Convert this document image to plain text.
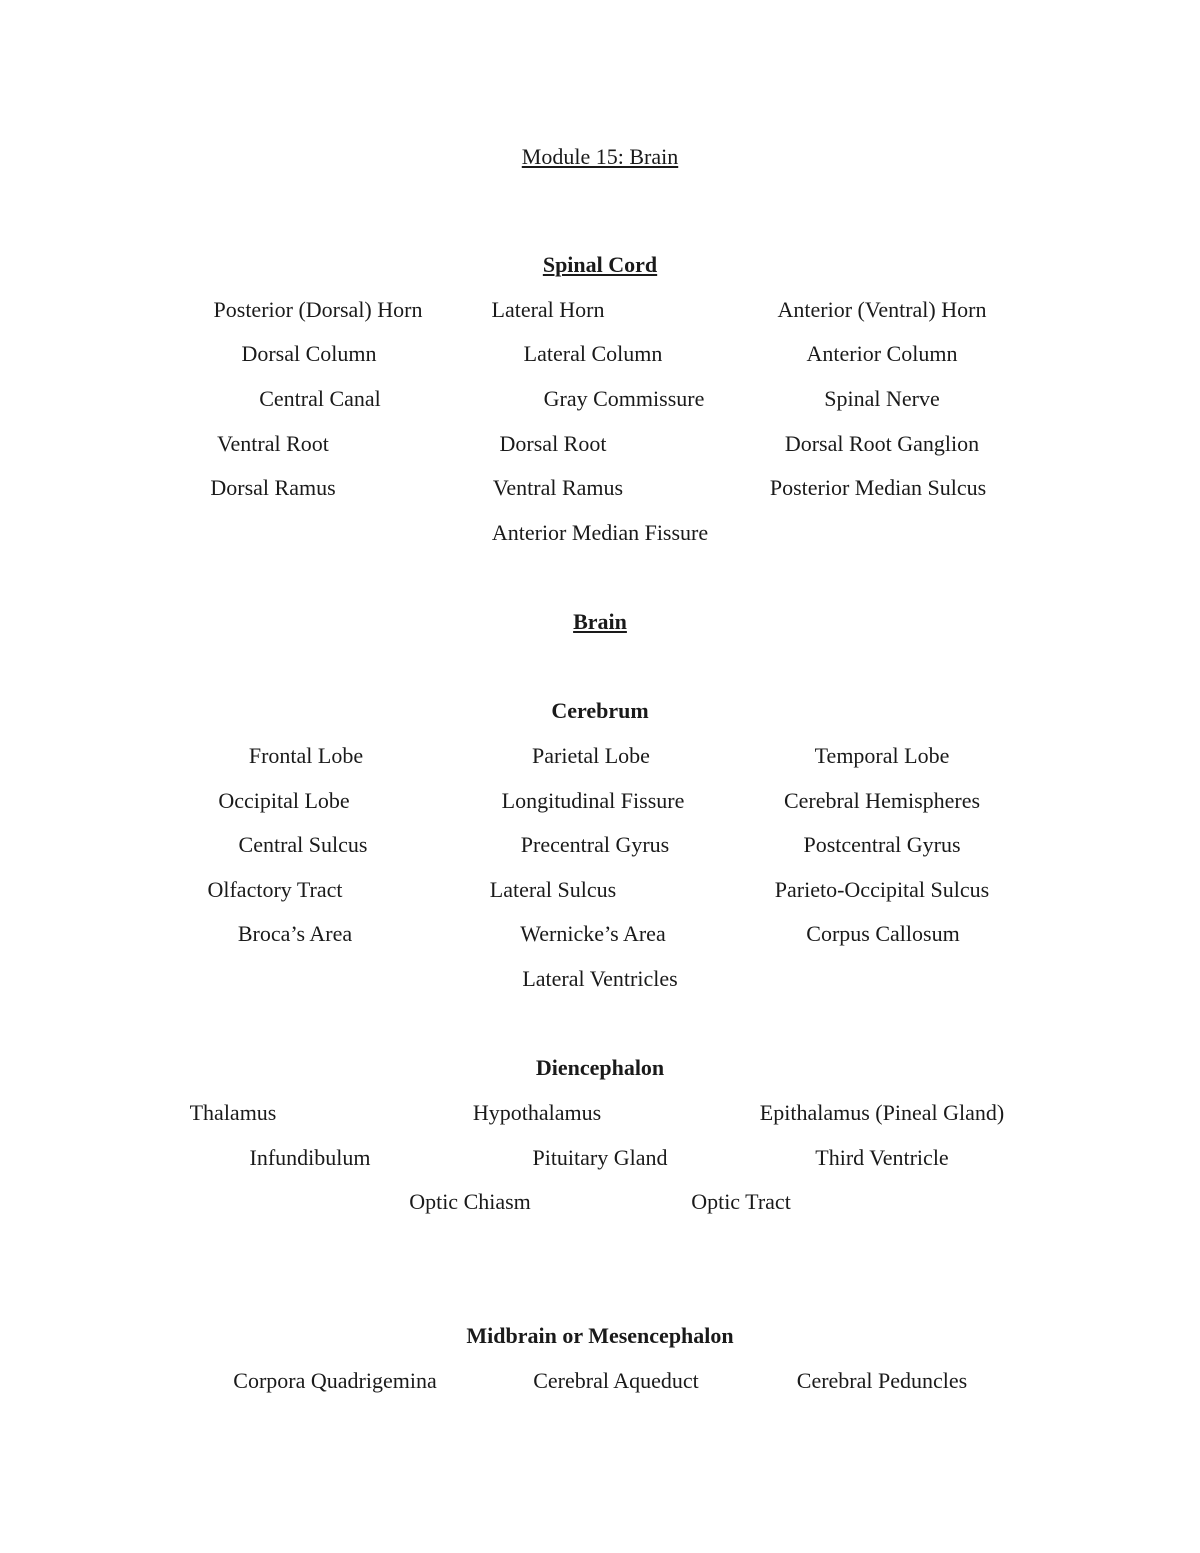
Module 15: Brain
Spinal Cord
Posterior (Dorsal) Horn	Lateral Horn	Anterior (Ventral) Horn
Dorsal Column	Lateral Column	Anterior Column
Central Canal	Gray Commissure	Spinal Nerve
Ventral Root	Dorsal Root	Dorsal Root Ganglion
Dorsal Ramus	Ventral Ramus	Posterior Median Sulcus
Anterior Median Fissure
Brain
Cerebrum
Frontal Lobe	Parietal Lobe	Temporal Lobe
Occipital Lobe	Longitudinal Fissure	Cerebral Hemispheres
Central Sulcus	Precentral Gyrus	Postcentral Gyrus
Olfactory Tract	Lateral Sulcus	Parieto-Occipital Sulcus
Broca’s Area	Wernicke’s Area	Corpus Callosum
Lateral Ventricles
Diencephalon
Thalamus	Hypothalamus	Epithalamus (Pineal Gland)
Infundibulum	Pituitary Gland	Third Ventricle
Optic Chiasm	Optic Tract
Midbrain or Mesencephalon
Corpora Quadrigemina	Cerebral Aqueduct	Cerebral Peduncles
